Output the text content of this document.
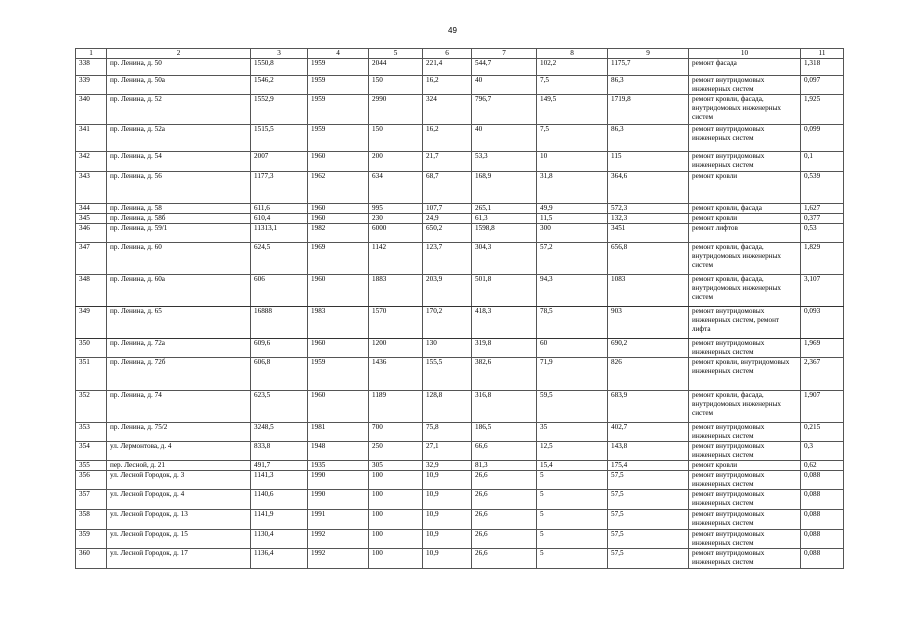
49
1	2	3	4	5	6	7	8	9	10	11
338	пр. Ленина, д. 50	1550,8	1959	2044	221,4	544,7	102,2	1175,7	ремонт фасада	1,318
339	пр. Ленина, д. 50а	1546,2	1959	150	16,2	40	7,5	86,3	ремонт внутридомовых инженерных систем	0,097
340	пр. Ленина, д. 52	1552,9	1959	2990	324	796,7	149,5	1719,8	ремонт кровли, фасада, внутридомовых инженерных систем	1,925
341	пр. Ленина, д. 52а	1515,5	1959	150	16,2	40	7,5	86,3	ремонт внутридомовых инженерных систем	0,099
342	пр. Ленина, д. 54	2007	1960	200	21,7	53,3	10	115	ремонт внутридомовых инженерных систем	0,1
343	пр. Ленина, д. 56	1177,3	1962	634	68,7	168,9	31,8	364,6	ремонт кровли	0,539
344	пр. Ленина, д. 58	611,6	1960	995	107,7	265,1	49,9	572,3	ремонт кровли, фасада	1,627
345	пр. Ленина, д. 58б	610,4	1960	230	24,9	61,3	11,5	132,3	ремонт кровли	0,377
346	пр. Ленина, д. 59/1	11313,1	1982	6000	650,2	1598,8	300	3451	ремонт лифтов	0,53
347	пр. Ленина, д. 60	624,5	1969	1142	123,7	304,3	57,2	656,8	ремонт кровли, фасада, внутридомовых инженерных систем	1,829
348	пр. Ленина, д. 60а	606	1960	1883	203,9	501,8	94,3	1083	ремонт кровли, фасада, внутридомовых инженерных систем	3,107
349	пр. Ленина, д. 65	16888	1983	1570	170,2	418,3	78,5	903	ремонт внутридомовых инженерных систем, ремонт лифта	0,093
350	пр. Ленина, д. 72а	609,6	1960	1200	130	319,8	60	690,2	ремонт внутридомовых инженерных систем	1,969
351	пр. Ленина, д. 72б	606,8	1959	1436	155,5	382,6	71,9	826	ремонт кровли, внутридомовых инженерных систем	2,367
352	пр. Ленина, д. 74	623,5	1960	1189	128,8	316,8	59,5	683,9	ремонт кровли, фасада, внутридомовых инженерных систем	1,907
353	пр. Ленина, д. 75/2	3248,5	1981	700	75,8	186,5	35	402,7	ремонт внутридомовых инженерных систем	0,215
354	ул. Лермонтова, д. 4	833,8	1948	250	27,1	66,6	12,5	143,8	ремонт внутридомовых инженерных систем	0,3
355	пер. Лесной, д. 21	491,7	1935	305	32,9	81,3	15,4	175,4	ремонт кровли	0,62
356	ул. Лесной Городок, д. 3	1141,3	1990	100	10,9	26,6	5	57,5	ремонт внутридомовых инженерных систем	0,088
357	ул. Лесной Городок, д. 4	1140,6	1990	100	10,9	26,6	5	57,5	ремонт внутридомовых инженерных систем	0,088
358	ул. Лесной Городок, д. 13	1141,9	1991	100	10,9	26,6	5	57,5	ремонт внутридомовых инженерных систем	0,088
359	ул. Лесной Городок, д. 15	1130,4	1992	100	10,9	26,6	5	57,5	ремонт внутридомовых инженерных систем	0,088
360	ул. Лесной Городок, д. 17	1136,4	1992	100	10,9	26,6	5	57,5	ремонт внутридомовых инженерных систем	0,088
